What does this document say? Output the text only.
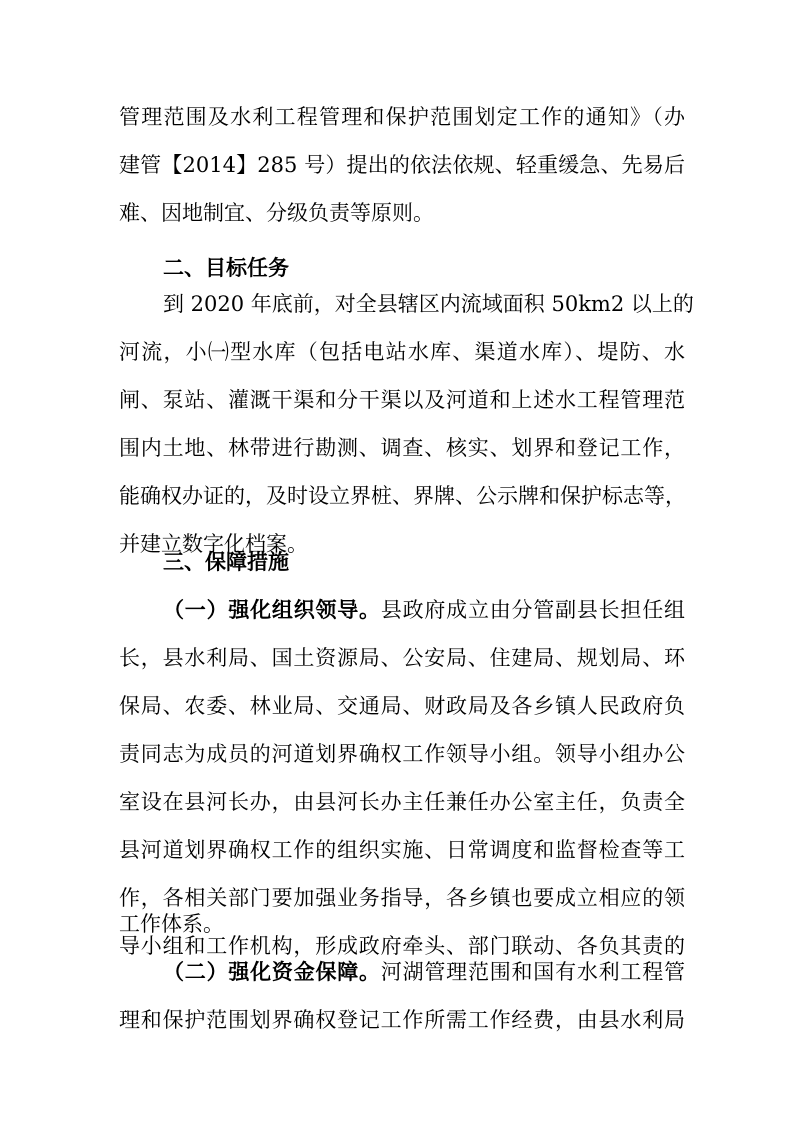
管理范围及水利工程管理和保护范围划定工作的通知》（办
建管【2014】285 号）提出的依法依规、轻重缓急、先易后
难、因地制宜、分级负责等原则。
二、目标任务
到 2020 年底前，对全县辖区内流域面积 50km2 以上的
河流，小㈠型水库（包括电站水库、渠道水库）、堤防、水
闸、泵站、灌溉干渠和分干渠以及河道和上述水工程管理范
围内土地、林带进行勘测、调查、核实、划界和登记工作，
能确权办证的，及时设立界桩、界牌、公示牌和保护标志等，
并建立数字化档案。
三、保障措施
（一）强化组织领导。县政府成立由分管副县长担任组
长，县水利局、国土资源局、公安局、住建局、规划局、环
保局、农委、林业局、交通局、财政局及各乡镇人民政府负
责同志为成员的河道划界确权工作领导小组。领导小组办公
室设在县河长办，由县河长办主任兼任办公室主任，负责全
县河道划界确权工作的组织实施、日常调度和监督检查等工
作，各相关部门要加强业务指导，各乡镇也要成立相应的领
导小组和工作机构，形成政府牵头、部门联动、各负其责的
工作体系。
（二）强化资金保障。河湖管理范围和国有水利工程管
理和保护范围划界确权登记工作所需工作经费，由县水利局
